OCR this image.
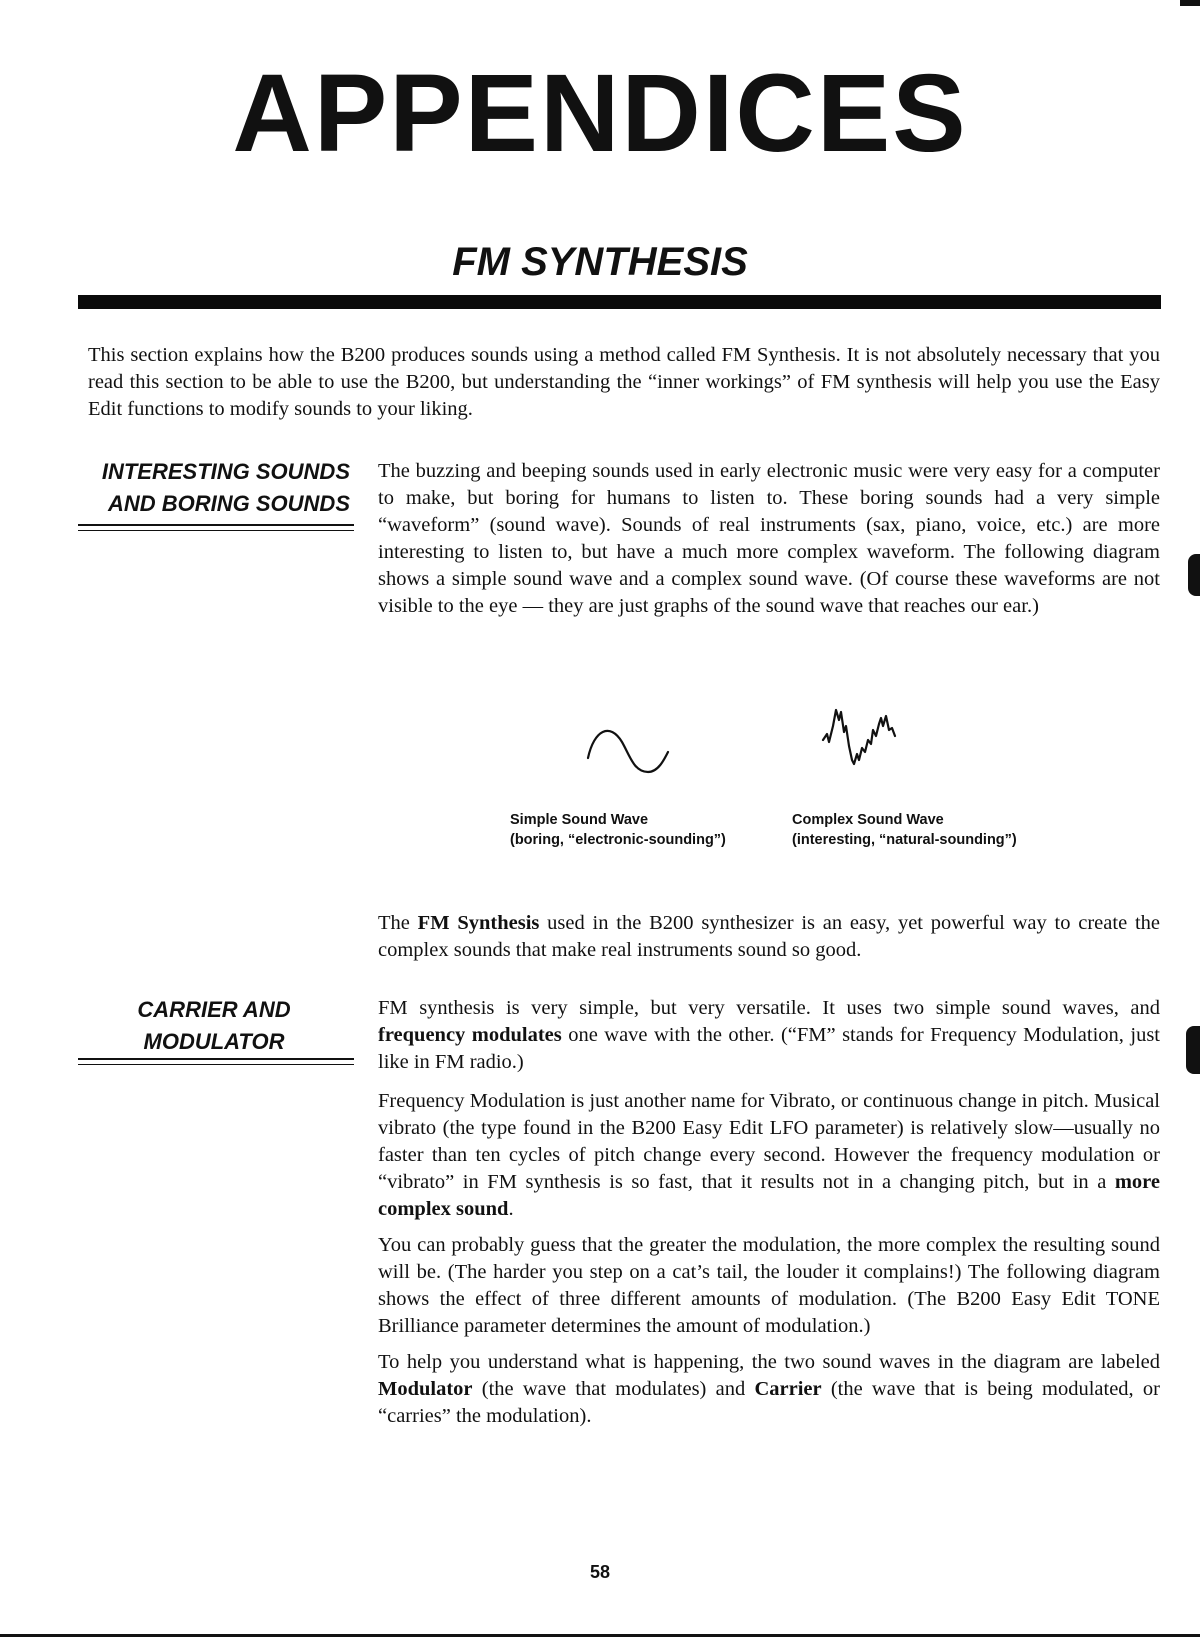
APPENDICES
FM SYNTHESIS

This section explains how the B200 produces sounds using a method called FM Synthesis. It is not absolutely necessary that you read this section to be able to use the B200, but understanding the “inner workings” of FM synthesis will help you use the Easy Edit functions to modify sounds to your liking.

INTERESTING SOUNDS
AND BORING SOUNDS

The buzzing and beeping sounds used in early electronic music were very easy for a computer to make, but boring for humans to listen to. These boring sounds had a very simple “waveform” (sound wave). Sounds of real instruments (sax, piano, voice, etc.) are more interesting to listen to, but have a much more complex waveform. The following diagram shows a simple sound wave and a complex sound wave. (Of course these waveforms are not visible to the eye — they are just graphs of the sound wave that reaches our ear.)

Simple Sound Wave
(boring, “electronic-sounding”)
Complex Sound Wave
(interesting, “natural-sounding”)

The FM Synthesis used in the B200 synthesizer is an easy, yet powerful way to create the complex sounds that make real instruments sound so good.

CARRIER AND
MODULATOR

FM synthesis is very simple, but very versatile. It uses two simple sound waves, and frequency modulates one wave with the other. (“FM” stands for Frequency Modulation, just like in FM radio.)

Frequency Modulation is just another name for Vibrato, or continuous change in pitch. Musical vibrato (the type found in the B200 Easy Edit LFO parameter) is relatively slow—usually no faster than ten cycles of pitch change every second. However the frequency modulation or “vibrato” in FM synthesis is so fast, that it results not in a changing pitch, but in a more complex sound.

You can probably guess that the greater the modulation, the more complex the resulting sound will be. (The harder you step on a cat’s tail, the louder it complains!) The following diagram shows the effect of three different amounts of modulation. (The B200 Easy Edit TONE Brilliance parameter determines the amount of modulation.)

To help you understand what is happening, the two sound waves in the diagram are labeled Modulator (the wave that modulates) and Carrier (the wave that is being modulated, or “carries” the modulation).

58
